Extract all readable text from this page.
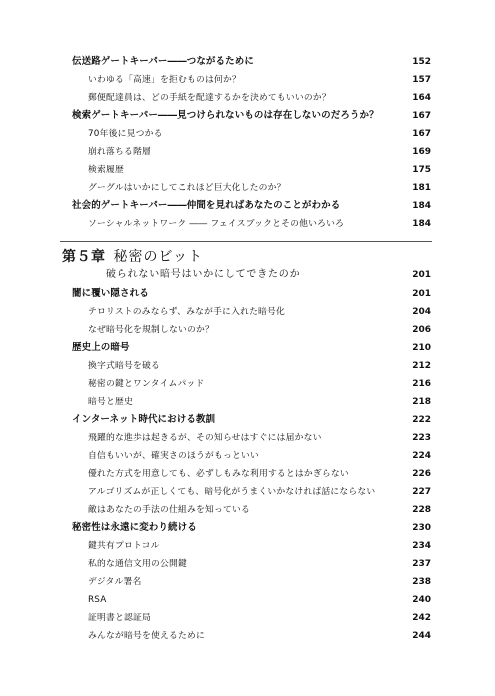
伝送路ゲートキーパー――つながるために	152
いわゆる「高速」を拒むものは何か？	157
郵便配達員は、どの手紙を配達するかを決めてもいいのか？	164
検索ゲートキーパー――見つけられないものは存在しないのだろうか？	167
70年後に見つかる	167
崩れ落ちる階層	169
検索履歴	175
グーグルはいかにしてこれほど巨大化したのか？	181
社会的ゲートキーパー――仲間を見ればあなたのことがわかる	184
ソーシャルネットワーク ―― フェイスブックとその他いろいろ	184
第５章 秘密のビット
破られない暗号はいかにしてできたのか	201
闇に覆い隠される	201
テロリストのみならず、みなが手に入れた暗号化	204
なぜ暗号化を規制しないのか？	206
歴史上の暗号	210
換字式暗号を破る	212
秘密の鍵とワンタイムパッド	216
暗号と歴史	218
インターネット時代における教訓	222
飛躍的な進歩は起きるが、その知らせはすぐには届かない	223
自信もいいが、確実さのほうがもっといい	224
優れた方式を用意しても、必ずしもみな利用するとはかぎらない	226
アルゴリズムが正しくても、暗号化がうまくいかなければ話にならない	227
敵はあなたの手法の仕組みを知っている	228
秘密性は永遠に変わり続ける	230
鍵共有プロトコル	234
私的な通信文用の公開鍵	237
デジタル署名	238
RSA	240
証明書と認証局	242
みんなが暗号を使えるために	244
